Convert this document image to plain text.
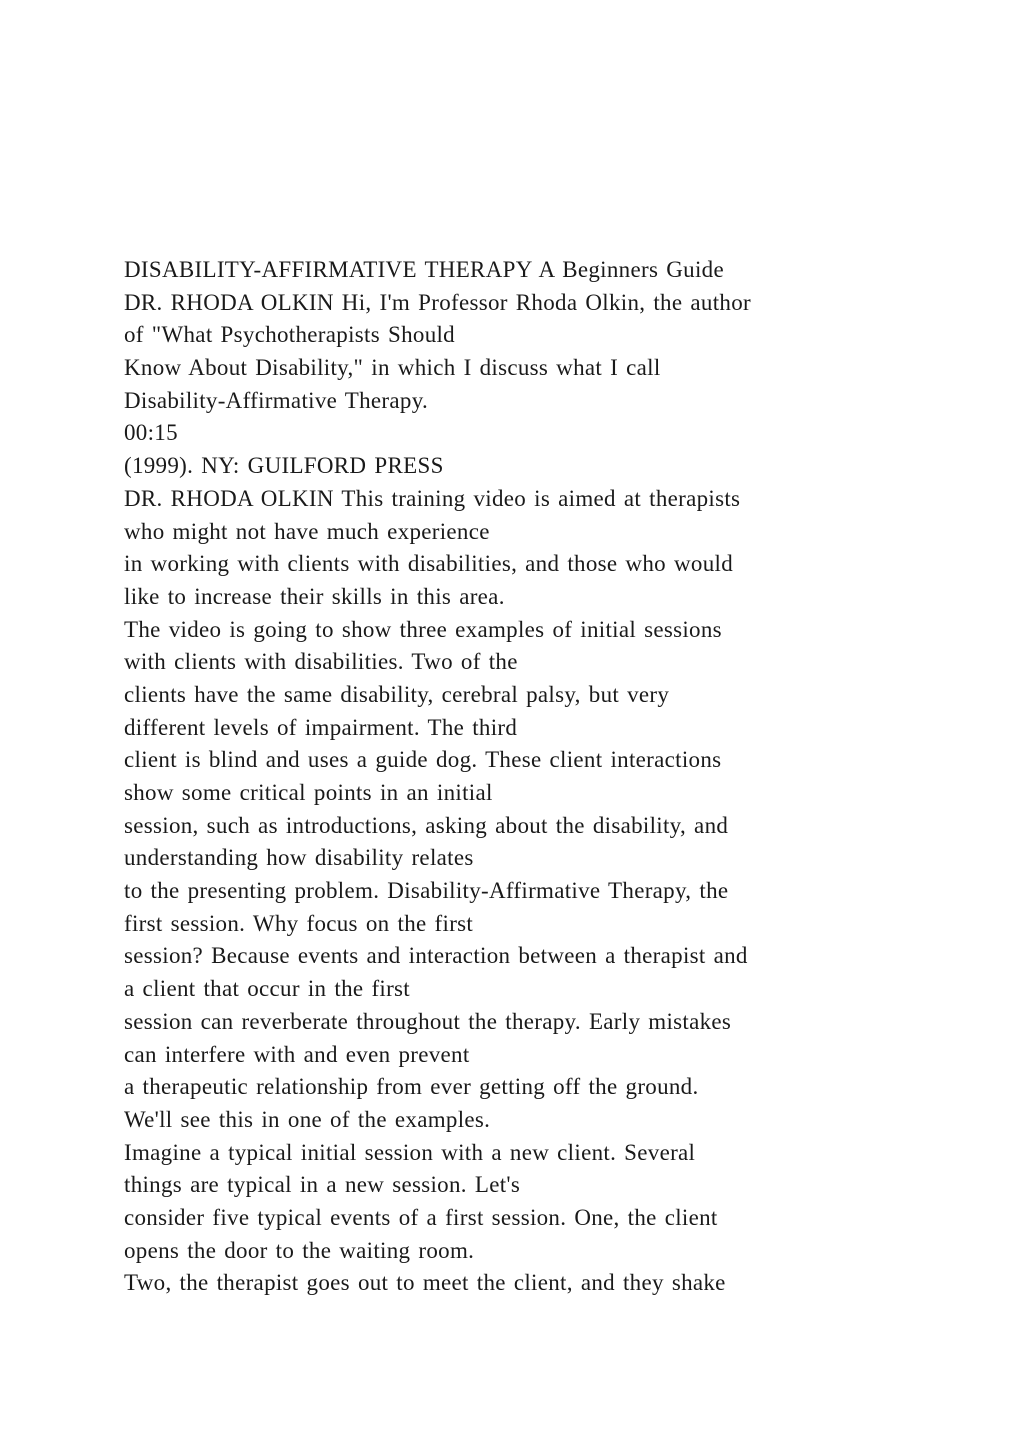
DISABILITY-AFFIRMATIVE THERAPY A Beginners Guide
DR. RHODA OLKIN Hi, I'm Professor Rhoda Olkin, the author
of "What Psychotherapists Should
Know About Disability," in which I discuss what I call
Disability-Affirmative Therapy.
00:15
(1999). NY: GUILFORD PRESS
DR. RHODA OLKIN This training video is aimed at therapists
who might not have much experience
in working with clients with disabilities, and those who would
like to increase their skills in this area.
The video is going to show three examples of initial sessions
with clients with disabilities. Two of the
clients have the same disability, cerebral palsy, but very
different levels of impairment. The third
client is blind and uses a guide dog. These client interactions
show some critical points in an initial
session, such as introductions, asking about the disability, and
understanding how disability relates
to the presenting problem. Disability-Affirmative Therapy, the
first session. Why focus on the first
session? Because events and interaction between a therapist and
a client that occur in the first
session can reverberate throughout the therapy. Early mistakes
can interfere with and even prevent
a therapeutic relationship from ever getting off the ground.
We'll see this in one of the examples.
Imagine a typical initial session with a new client. Several
things are typical in a new session. Let's
consider five typical events of a first session. One, the client
opens the door to the waiting room.
Two, the therapist goes out to meet the client, and they shake
